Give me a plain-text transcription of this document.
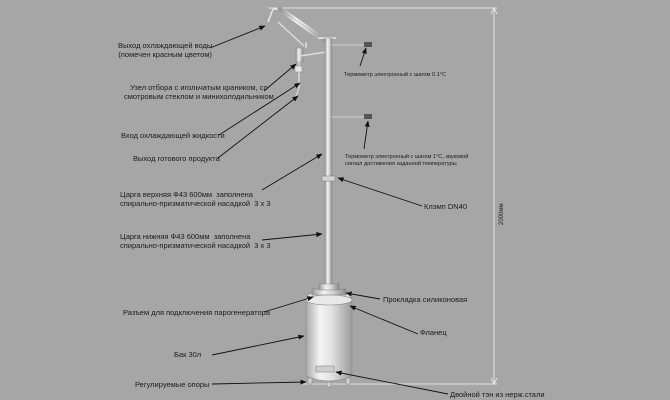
Выход охлаждающей воды
(помечен красным цветом)
Узел отбора с игольчатым краником, со
смотровым стеклом и минихолодильником
Вход охлаждающей жидкости
Выход готового продукта
Царга верхняя Ф43 600мм  заполнена
спирально-призматической насадкой  3 x 3
Царга нижняя Ф43 600мм  заполнена
спирально-призматической насадкой  3 x 3
Разъем для подключения парогенератора
Бак 30л
Регулируемые опоры
Термометр электронный с шагом 0.1°С
Термометр электронный с шагом 1°С, звуковой
сигнал достижения заданной температуры
Клэмп DN40
Прокладка силиконовая
Фланец
Двойной тэн из нерж.стали
2000мм
